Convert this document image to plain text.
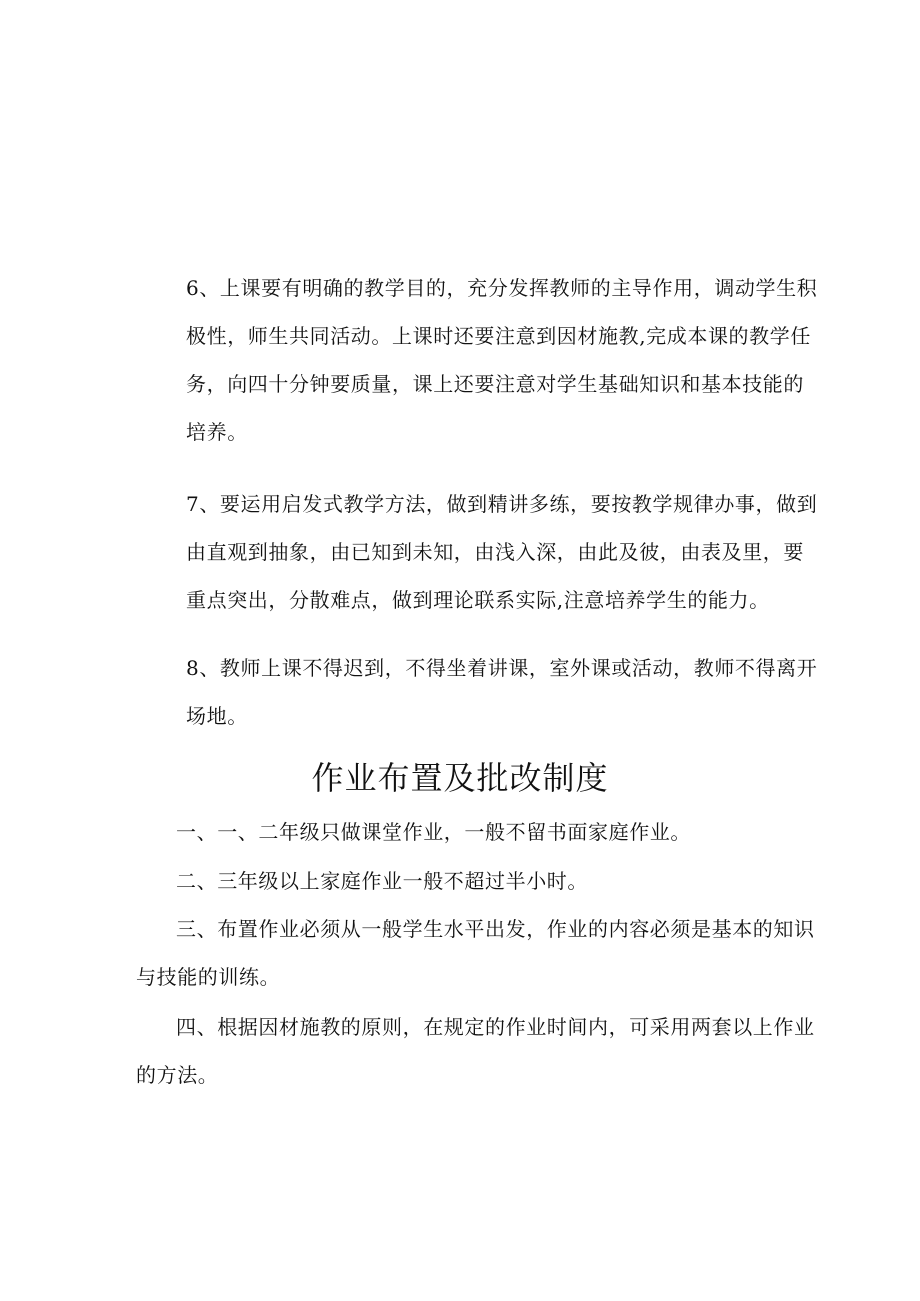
6、上课要有明确的教学目的，充分发挥教师的主导作用，调动学生积
极性，师生共同活动。上课时还要注意到因材施教,完成本课的教学任
务，向四十分钟要质量，课上还要注意对学生基础知识和基本技能的
培养。
7、要运用启发式教学方法，做到精讲多练，要按教学规律办事，做到
由直观到抽象，由已知到未知，由浅入深，由此及彼，由表及里，要
重点突出，分散难点，做到理论联系实际,注意培养学生的能力。
8、教师上课不得迟到，不得坐着讲课，室外课或活动，教师不得离开
场地。
作业布置及批改制度
一、一、二年级只做课堂作业，一般不留书面家庭作业。
二、三年级以上家庭作业一般不超过半小时。
三、布置作业必须从一般学生水平出发，作业的内容必须是基本的知识
与技能的训练。
四、根据因材施教的原则，在规定的作业时间内，可采用两套以上作业
的方法。
